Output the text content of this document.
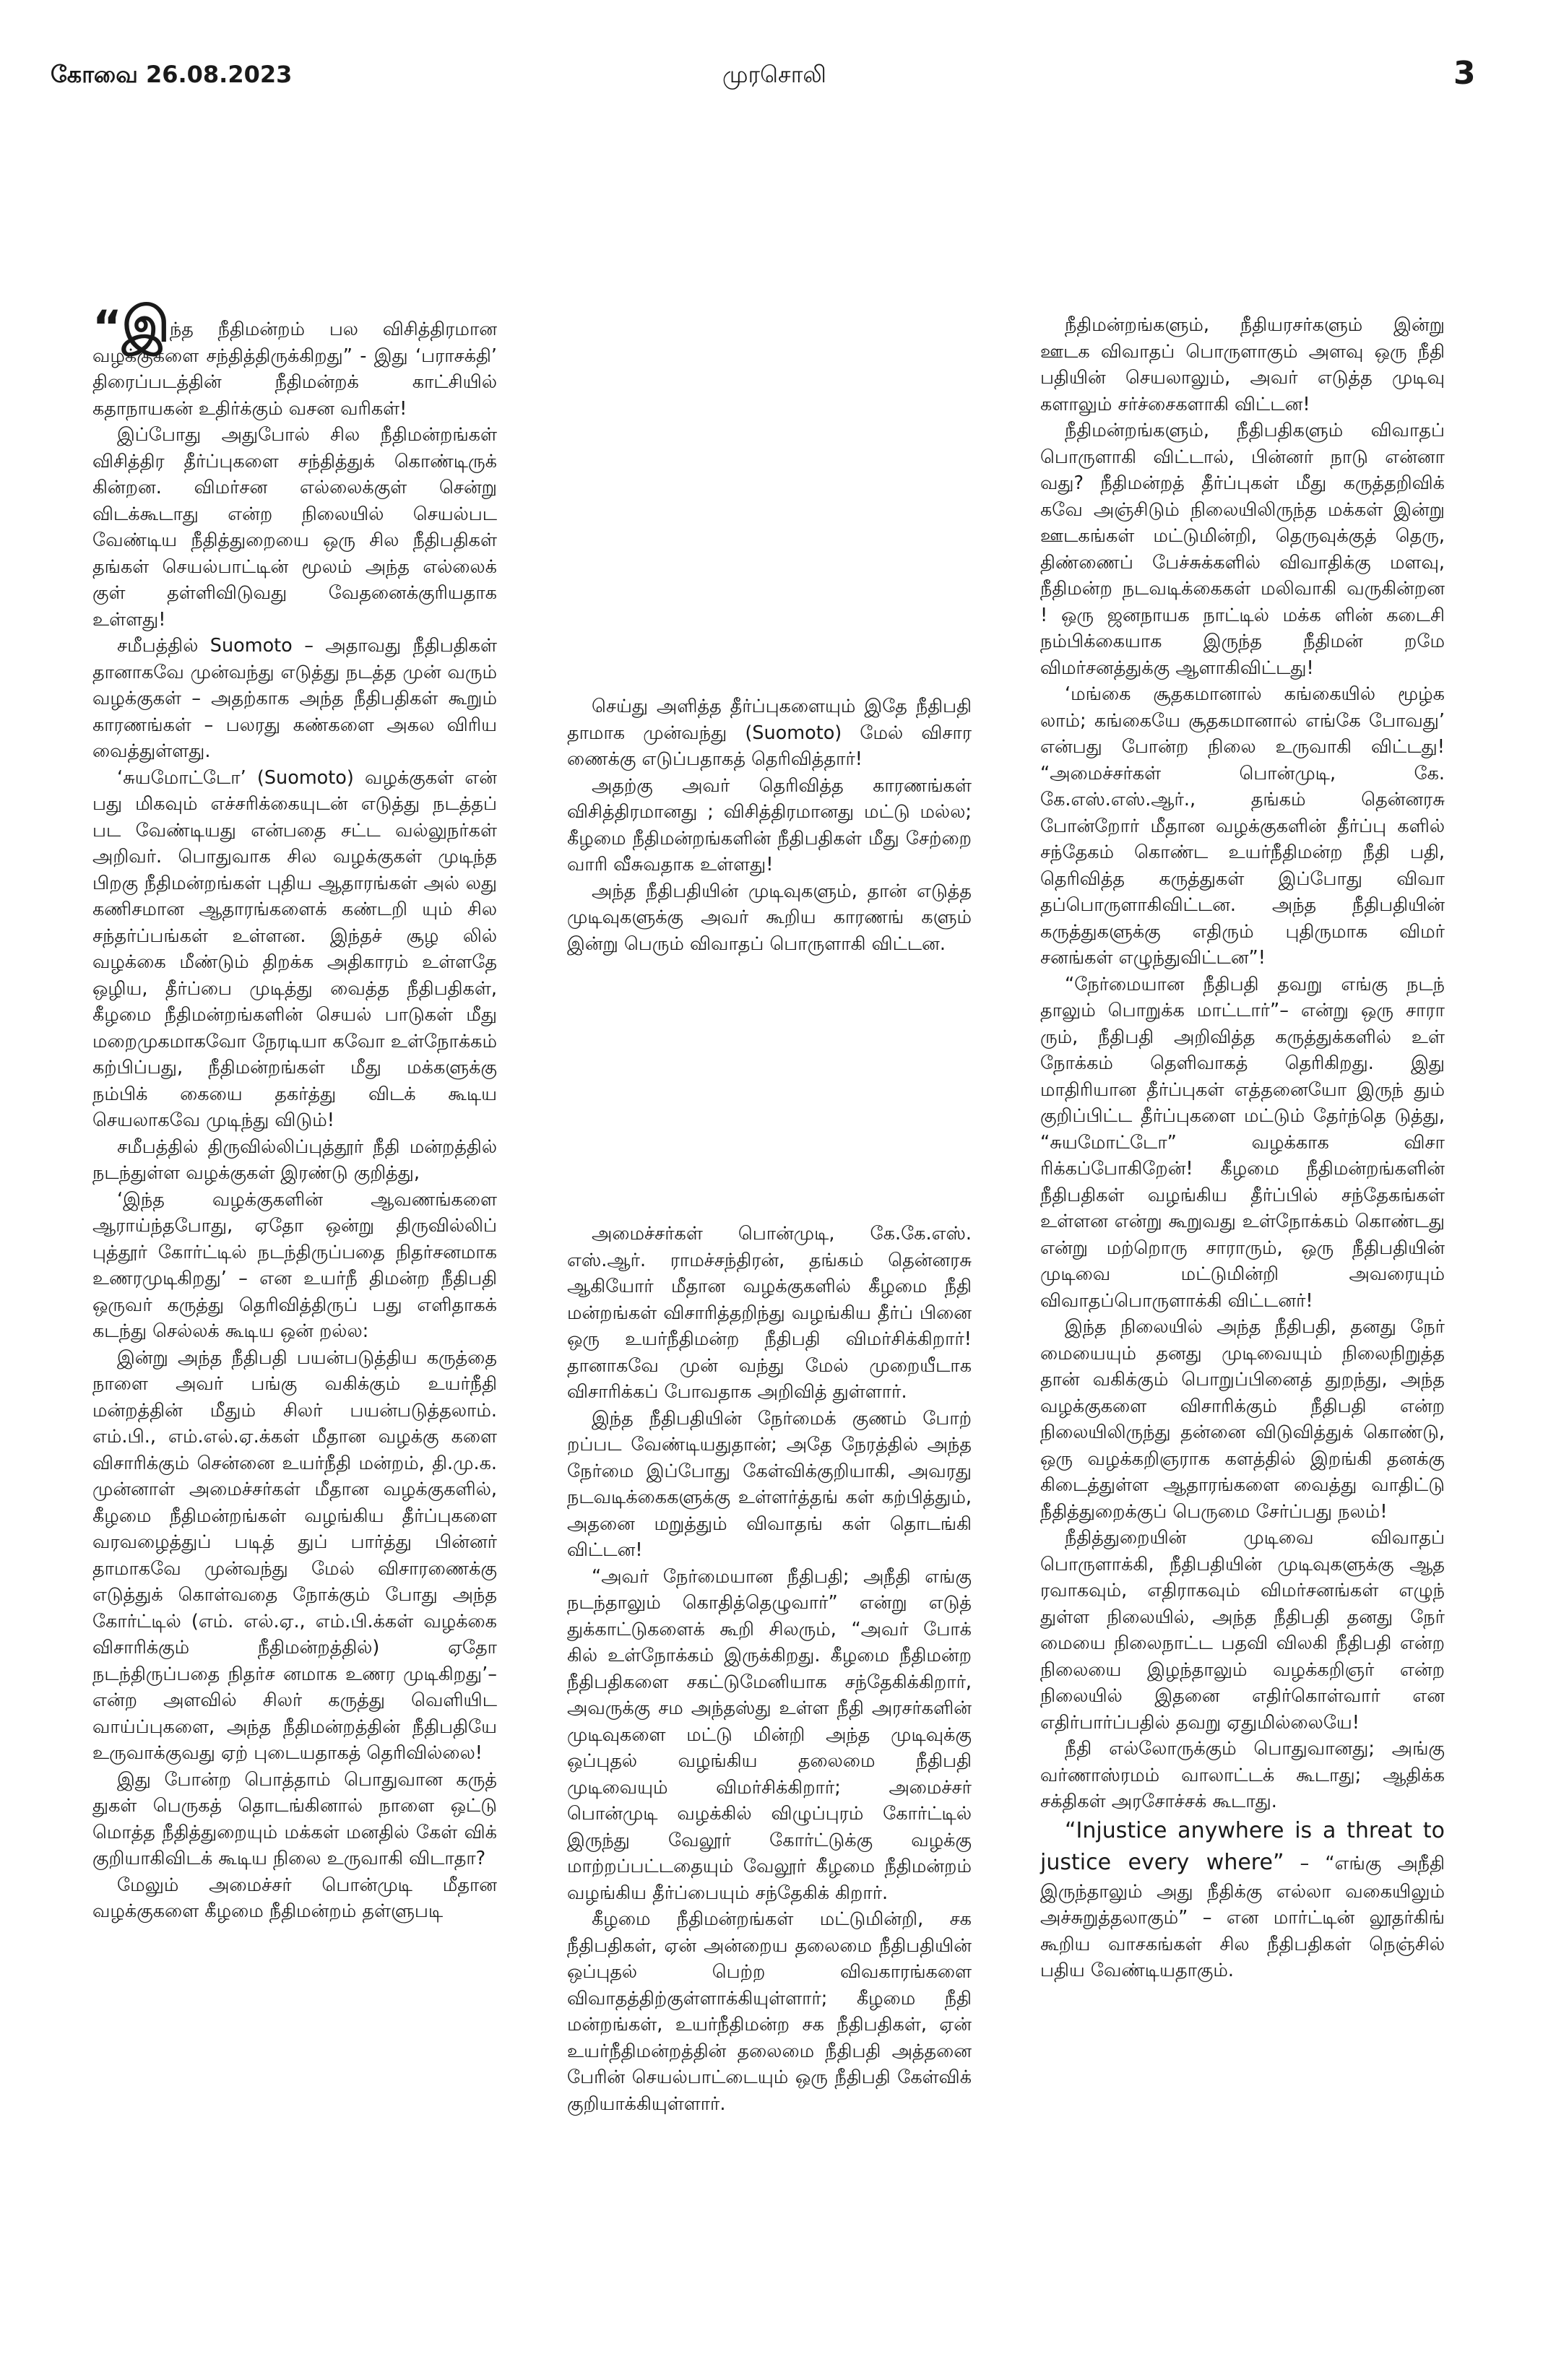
கோவை 26.08.2023	முரசொலி	3

“இந்த நீதிமன்றம் பல விசித்திரமான வழக்குகளை சந்தித்திருக்கிறது” - இது ‘பராசக்தி’ திரைப்படத்தின் நீதிமன்றக் காட்சியில் கதாநாயகன் உதிர்க்கும் வசன வரிகள்!

இப்போது அதுபோல் சில நீதிமன்றங்கள் விசித்திர தீர்ப்புகளை சந்தித்துக் கொண்டிருக் கின்றன. விமர்சன எல்லைக்குள் சென்று விடக்கூடாது என்ற நிலையில் செயல்பட வேண்டிய நீதித்துறையை ஒரு சில நீதிபதிகள் தங்கள் செயல்பாட்டின் மூலம் அந்த எல்லைக் குள் தள்ளிவிடுவது வேதனைக்குரியதாக உள்ளது!

சமீபத்தில் Suomoto – அதாவது நீதிபதிகள் தானாகவே முன்வந்து எடுத்து நடத்த முன் வரும் வழக்குகள் – அதற்காக அந்த நீதிபதிகள் கூறும் காரணங்கள் – பலரது கண்களை அகல விரிய வைத்துள்ளது.

‘சுயமோட்டோ’ (Suomoto) வழக்குகள் என் பது மிகவும் எச்சரிக்கையுடன் எடுத்து நடத்தப் பட வேண்டியது என்பதை சட்ட வல்லுநர்கள் அறிவர். பொதுவாக சில வழக்குகள் முடிந்த பிறகு நீதிமன்றங்கள் புதிய ஆதாரங்கள் அல் லது கணிசமான ஆதாரங்களைக் கண்டறி யும் சில சந்தர்ப்பங்கள் உள்ளன. இந்தச் சூழ லில் வழக்கை மீண்டும் திறக்க அதிகாரம் உள்ளதே ஒழிய, தீர்ப்பை முடித்து வைத்த நீதிபதிகள், கீழமை நீதிமன்றங்களின் செயல் பாடுகள் மீது மறைமுகமாகவோ நேரடியா கவோ உள்நோக்கம் கற்பிப்பது, நீதிமன்றங்கள் மீது மக்களுக்கு நம்பிக் கையை தகர்த்து விடக் கூடிய செயலாகவே முடிந்து விடும்!

சமீபத்தில் திருவில்லிப்புத்தூர் நீதி மன்றத்தில் நடந்துள்ள வழக்குகள் இரண்டு குறித்து,

‘இந்த வழக்குகளின் ஆவணங்களை ஆராய்ந்தபோது, ஏதோ ஒன்று திருவில்லிப் புத்தூர் கோர்ட்டில் நடந்திருப்பதை நிதர்சனமாக உணரமுடிகிறது’ – என உயர்நீ திமன்ற நீதிபதி ஒருவர் கருத்து தெரிவித்திருப் பது எளிதாகக் கடந்து செல்லக் கூடிய ஒன் றல்ல:

இன்று அந்த நீதிபதி பயன்படுத்திய கருத்தை நாளை அவர் பங்கு வகிக்கும் உயர்நீதி மன்றத்தின் மீதும் சிலர் பயன்படுத்தலாம். எம்.பி., எம்.எல்.ஏ.க்கள் மீதான வழக்கு களை விசாரிக்கும் சென்னை உயர்நீதி மன்றம், தி.மு.க. முன்னாள் அமைச்சர்கள் மீதான வழக்குகளில், கீழமை நீதிமன்றங்கள் வழங்கிய தீர்ப்புகளை வரவழைத்துப் படித் துப் பார்த்து பின்னர் தாமாகவே முன்வந்து மேல் விசாரணைக்கு எடுத்துக் கொள்வதை நோக்கும் போது அந்த கோர்ட்டில் (எம். எல்.ஏ., எம்.பி.க்கள் வழக்கை விசாரிக்கும் நீதிமன்றத்தில்) ஏதோ நடந்திருப்பதை நிதர்ச னமாக உணர முடிகிறது’– என்ற அளவில் சிலர் கருத்து வெளியிட வாய்ப்புகளை, அந்த நீதிமன்றத்தின் நீதிபதியே உருவாக்குவது ஏற் புடையதாகத் தெரிவில்லை!

இது போன்ற பொத்தாம் பொதுவான கருத் துகள் பெருகத் தொடங்கினால் நாளை ஒட்டு மொத்த நீதித்துறையும் மக்கள் மனதில் கேள் விக் குறியாகிவிடக் கூடிய நிலை உருவாகி விடாதா?

மேலும் அமைச்சர் பொன்முடி மீதான வழக்குகளை கீழமை நீதிமன்றம் தள்ளுபடி

செய்து அளித்த தீர்ப்புகளையும் இதே நீதிபதி தாமாக முன்வந்து (Suomoto) மேல் விசார ணைக்கு எடுப்பதாகத் தெரிவித்தார்!

அதற்கு அவர் தெரிவித்த காரணங்கள் விசித்திரமானது ; விசித்திரமானது மட்டு மல்ல; கீழமை நீதிமன்றங்களின் நீதிபதிகள் மீது சேற்றை வாரி வீசுவதாக உள்ளது!

அந்த நீதிபதியின் முடிவுகளும், தான் எடுத்த முடிவுகளுக்கு அவர் கூறிய காரணங் களும் இன்று பெரும் விவாதப் பொருளாகி விட்டன.

அமைச்சர்கள் பொன்முடி, கே.கே.எஸ். எஸ்.ஆர். ராமச்சந்திரன், தங்கம் தென்னரசு ஆகியோர் மீதான வழக்குகளில் கீழமை நீதி மன்றங்கள் விசாரித்தறிந்து வழங்கிய தீர்ப் பினை ஒரு உயர்நீதிமன்ற நீதிபதி விமர்சிக்கிறார்! தானாகவே முன் வந்து மேல் முறையீடாக விசாரிக்கப் போவதாக அறிவித் துள்ளார்.

இந்த நீதிபதியின் நேர்மைக் குணம் போற் றப்பட வேண்டியதுதான்; அதே நேரத்தில் அந்த நேர்மை இப்போது கேள்விக்குறியாகி, அவரது நடவடிக்கைகளுக்கு உள்ளர்த்தங் கள் கற்பித்தும், அதனை மறுத்தும் விவாதங் கள் தொடங்கி விட்டன!

“அவர் நேர்மையான நீதிபதி; அநீதி எங்கு நடந்தாலும் கொதித்தெழுவார்” என்று எடுத் துக்காட்டுகளைக் கூறி சிலரும், “அவர் போக் கில் உள்நோக்கம் இருக்கிறது. கீழமை நீதிமன்ற நீதிபதிகளை சகட்டுமேனியாக சந்தேகிக்கிறார், அவருக்கு சம அந்தஸ்து உள்ள நீதி அரசர்களின் முடிவுகளை மட்டு மின்றி அந்த முடிவுக்கு ஒப்புதல் வழங்கிய தலைமை நீதிபதி முடிவையும் விமர்சிக்கிறார்; அமைச்சர் பொன்முடி வழக்கில் விழுப்புரம் கோர்ட்டில் இருந்து வேலூர் கோர்ட்டுக்கு வழக்கு மாற்றப்பட்டதையும் வேலூர் கீழமை நீதிமன்றம் வழங்கிய தீர்ப்பையும் சந்தேகிக் கிறார்.

கீழமை நீதிமன்றங்கள் மட்டுமின்றி, சக நீதிபதிகள், ஏன் அன்றைய தலைமை நீதிபதியின் ஒப்புதல் பெற்ற விவகாரங்களை விவாதத்திற்குள்ளாக்கியுள்ளார்; கீழமை நீதி மன்றங்கள், உயர்நீதிமன்ற சக நீதிபதிகள், ஏன் உயர்நீதிமன்றத்தின் தலைமை நீதிபதி அத்தனை பேரின் செயல்பாட்டையும் ஒரு நீதிபதி கேள்விக் குறியாக்கியுள்ளார்.

நீதிமன்றங்களும், நீதியரசர்களும் இன்று ஊடக விவாதப் பொருளாகும் அளவு ஒரு நீதி பதியின் செயலாலும், அவர் எடுத்த முடிவு களாலும் சர்ச்சைகளாகி விட்டன!

நீதிமன்றங்களும், நீதிபதிகளும் விவாதப் பொருளாகி விட்டால், பின்னர் நாடு என்னா வது? நீதிமன்றத் தீர்ப்புகள் மீது கருத்தறிவிக் கவே அஞ்சிடும் நிலையிலிருந்த மக்கள் இன்று ஊடகங்கள் மட்டுமின்றி, தெருவுக்குத் தெரு, திண்ணைப் பேச்சுக்களில் விவாதிக்கு மளவு, நீதிமன்ற நடவடிக்கைகள் மலிவாகி வருகின்றன ! ஒரு ஜனநாயக நாட்டில் மக்க ளின் கடைசி நம்பிக்கையாக இருந்த நீதிமன் றமே விமர்சனத்துக்கு ஆளாகிவிட்டது!

‘மங்கை சூதகமானால் கங்கையில் மூழ்க லாம்; கங்கையே சூதகமானால் எங்கே போவது’ என்பது போன்ற நிலை உருவாகி விட்டது! “அமைச்சர்கள் பொன்முடி, கே. கே.எஸ்.எஸ்.ஆர்., தங்கம் தென்னரசு போன்றோர் மீதான வழக்குகளின் தீர்ப்பு களில் சந்தேகம் கொண்ட உயர்நீதிமன்ற நீதி பதி, தெரிவித்த கருத்துகள் இப்போது விவா தப்பொருளாகிவிட்டன. அந்த நீதிபதியின் கருத்துகளுக்கு எதிரும் புதிருமாக விமர் சனங்கள் எழுந்துவிட்டன”!

“நேர்மையான நீதிபதி தவறு எங்கு நடந் தாலும் பொறுக்க மாட்டார்”– என்று ஒரு சாரா ரும், நீதிபதி அறிவித்த கருத்துக்களில் உள் நோக்கம் தெளிவாகத் தெரிகிறது. இது மாதிரியான தீர்ப்புகள் எத்தனையோ இருந் தும் குறிப்பிட்ட தீர்ப்புகளை மட்டும் தேர்ந்தெ டுத்து, “சுயமோட்டோ” வழக்காக விசா ரிக்கப்போகிறேன்! கீழமை நீதிமன்றங்களின் நீதிபதிகள் வழங்கிய தீர்ப்பில் சந்தேகங்கள் உள்ளன என்று கூறுவது உள்நோக்கம் கொண்டது என்று மற்றொரு சாராரும், ஒரு நீதிபதியின் முடிவை மட்டுமின்றி அவரையும் விவாதப்பொருளாக்கி விட்டனர்!

இந்த நிலையில் அந்த நீதிபதி, தனது நேர் மையையும் தனது முடிவையும் நிலைநிறுத்த தான் வகிக்கும் பொறுப்பினைத் துறந்து, அந்த வழக்குகளை விசாரிக்கும் நீதிபதி என்ற நிலையிலிருந்து தன்னை விடுவித்துக் கொண்டு, ஒரு வழக்கறிஞராக களத்தில் இறங்கி தனக்கு கிடைத்துள்ள ஆதாரங்களை வைத்து வாதிட்டு நீதித்துறைக்குப் பெருமை சேர்ப்பது நலம்!

நீதித்துறையின் முடிவை விவாதப் பொருளாக்கி, நீதிபதியின் முடிவுகளுக்கு ஆத ரவாகவும், எதிராகவும் விமர்சனங்கள் எழுந் துள்ள நிலையில், அந்த நீதிபதி தனது நேர் மையை நிலைநாட்ட பதவி விலகி நீதிபதி என்ற நிலையை இழந்தாலும் வழக்கறிஞர் என்ற நிலையில் இதனை எதிர்கொள்வார் என எதிர்பார்ப்பதில் தவறு ஏதுமில்லையே!

நீதி எல்லோருக்கும் பொதுவானது; அங்கு வர்ணாஸ்ரமம் வாலாட்டக் கூடாது; ஆதிக்க சக்திகள் அரசோச்சக் கூடாது.

“Injustice anywhere is a threat to justice every where” – “எங்கு அநீதி இருந்தாலும் அது நீதிக்கு எல்லா வகையிலும் அச்சுறுத்தலாகும்” – என மார்ட்டின் லூதர்கிங் கூறிய வாசகங்கள் சில நீதிபதிகள் நெஞ்சில் பதிய வேண்டியதாகும்.
